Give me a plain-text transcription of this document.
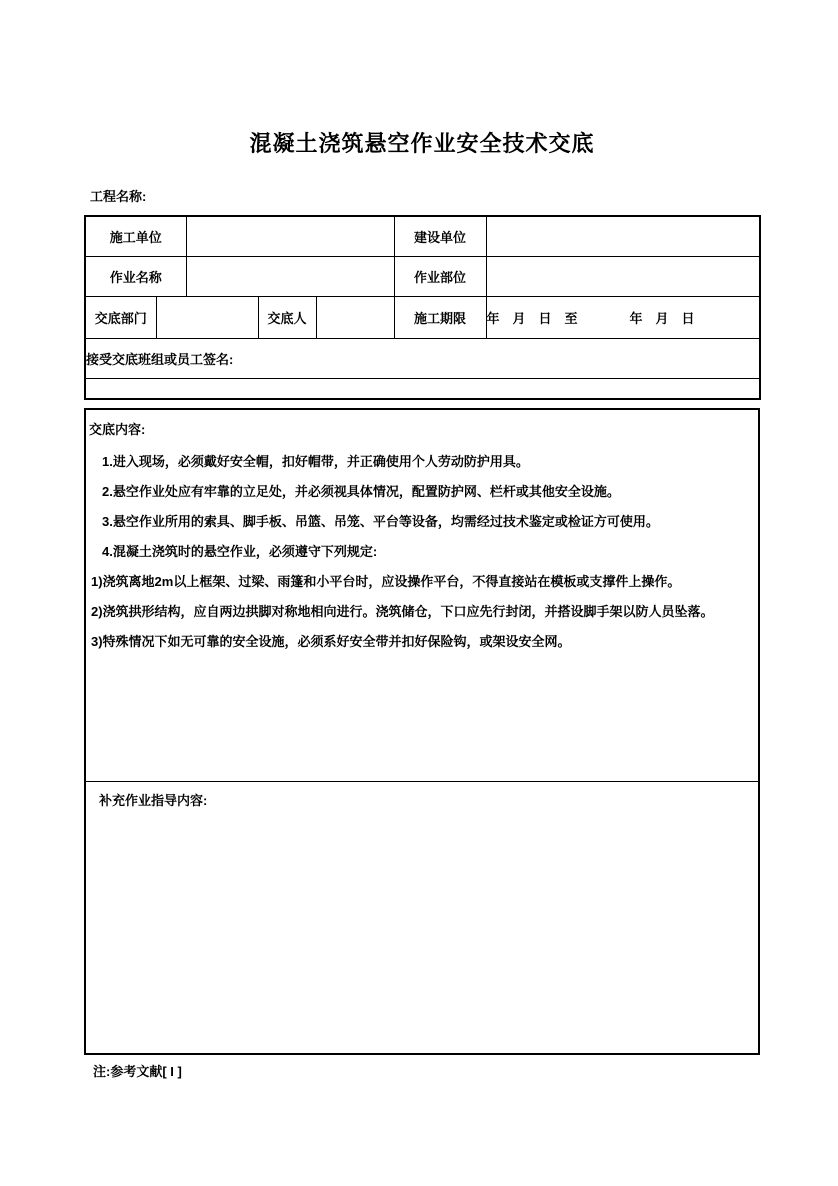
混凝土浇筑悬空作业安全技术交底
工程名称:
施工单位					建设单位	
作业名称					作业部位	
交底部门			交底人		施工期限	年　月　日　至　　　　年　月　日
接受交底班组或员工签名:						

交底内容:
1.进入现场，必须戴好安全帽，扣好帽带，并正确使用个人劳动防护用具。
2.悬空作业处应有牢靠的立足处，并必须视具体情况，配置防护网、栏杆或其他安全设施。
3.悬空作业所用的索具、脚手板、吊篮、吊笼、平台等设备，均需经过技术鉴定或检证方可使用。
4.混凝土浇筑时的悬空作业，必须遵守下列规定:
1)浇筑离地2m以上框架、过梁、雨篷和小平台时，应设操作平台，不得直接站在模板或支撑件上操作。
2)浇筑拱形结构，应自两边拱脚对称地相向进行。浇筑储仓，下口应先行封闭，并搭设脚手架以防人员坠落。
3)特殊情况下如无可靠的安全设施，必须系好安全带并扣好保险钩，或架设安全网。

补充作业指导内容:
注:参考文献[ I ]
